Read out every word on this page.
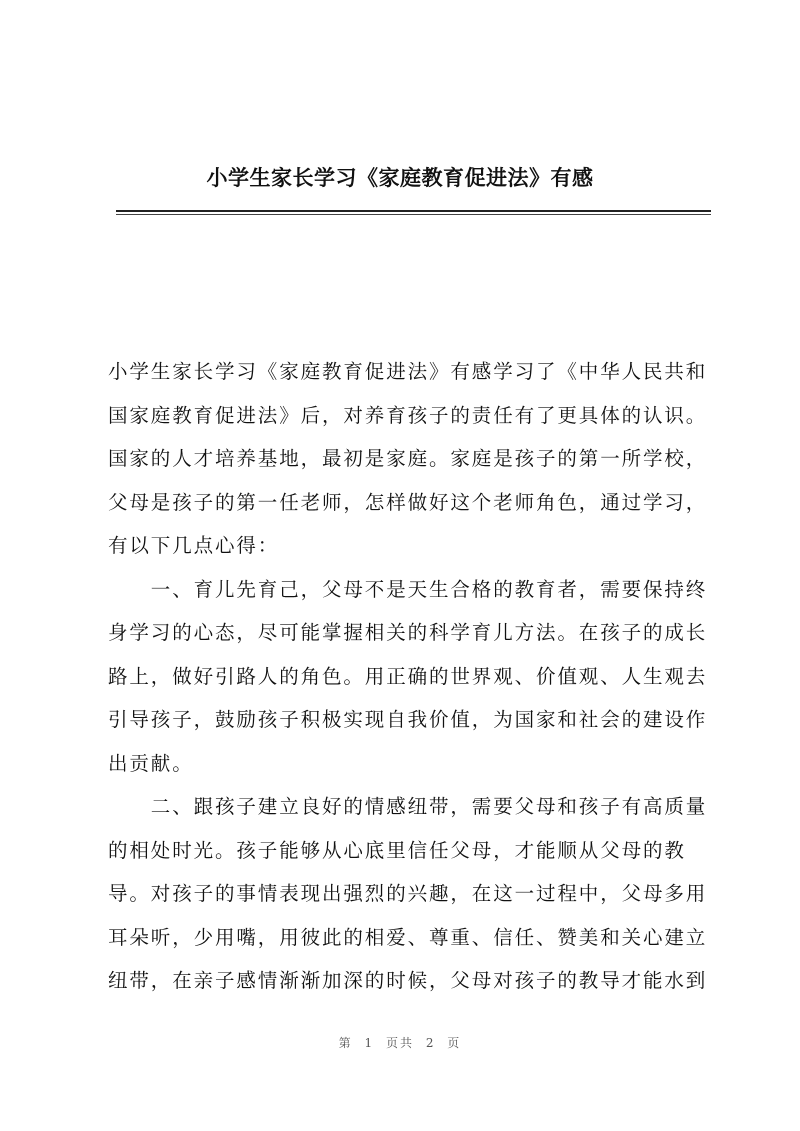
小学生家长学习《家庭教育促进法》有感
小学生家长学习《家庭教育促进法》有感学习了《中华人民共和
国家庭教育促进法》后，对养育孩子的责任有了更具体的认识。
国家的人才培养基地，最初是家庭。家庭是孩子的第一所学校，
父母是孩子的第一任老师，怎样做好这个老师角色，通过学习，
有以下几点心得：
　　一、育儿先育己，父母不是天生合格的教育者，需要保持终
身学习的心态，尽可能掌握相关的科学育儿方法。在孩子的成长
路上，做好引路人的角色。用正确的世界观、价值观、人生观去
引导孩子，鼓励孩子积极实现自我价值，为国家和社会的建设作
出贡献。
　　二、跟孩子建立良好的情感纽带，需要父母和孩子有高质量
的相处时光。孩子能够从心底里信任父母，才能顺从父母的教
导。对孩子的事情表现出强烈的兴趣，在这一过程中，父母多用
耳朵听，少用嘴，用彼此的相爱、尊重、信任、赞美和关心建立
纽带，在亲子感情渐渐加深的时候，父母对孩子的教导才能水到
第 1 页共 2 页
